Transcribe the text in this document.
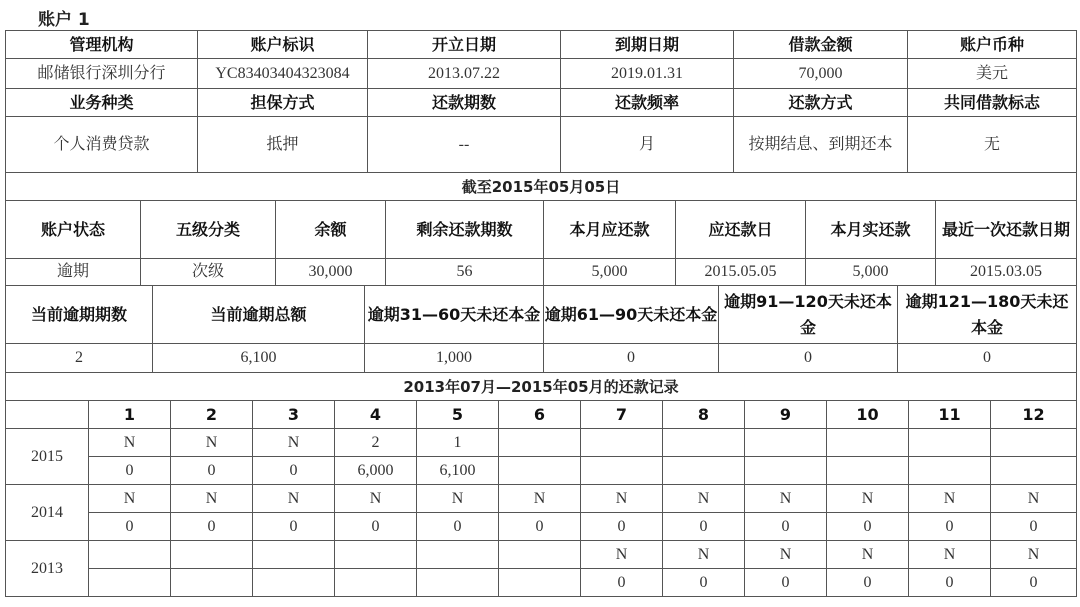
账户 1
管理机构	账户标识	开立日期	到期日期	借款金额	账户币种
邮储银行深圳分行	YC83403404323084	2013.07.22	2019.01.31	70,000	美元
业务种类	担保方式	还款期数	还款频率	还款方式	共同借款标志
个人消费贷款	抵押	--	月	按期结息、到期还本	无
截至2015年05月05日					
账户状态	五级分类	余额	剩余还款期数	本月应还款	应还款日	本月实还款	最近一次还款日期
逾期	次级	30,000	56	5,000	2015.05.05	5,000	2015.03.05
当前逾期期数	当前逾期总额	逾期31—60天未还本金	逾期61—90天未还本金	逾期91—120天未还本金	逾期121—180天未还本金
2	6,100	1,000	0	0	0
2013年07月—2015年05月的还款记录					
	1	2	3	4	5	6	7	8	9	10	11	12
2015	N	N	N	2	1							
	0	0	0	6,000	6,100							
2014	N	N	N	N	N	N	N	N	N	N	N	N
	0	0	0	0	0	0	0	0	0	0	0	0
2013							N	N	N	N	N	N
							0	0	0	0	0	0
